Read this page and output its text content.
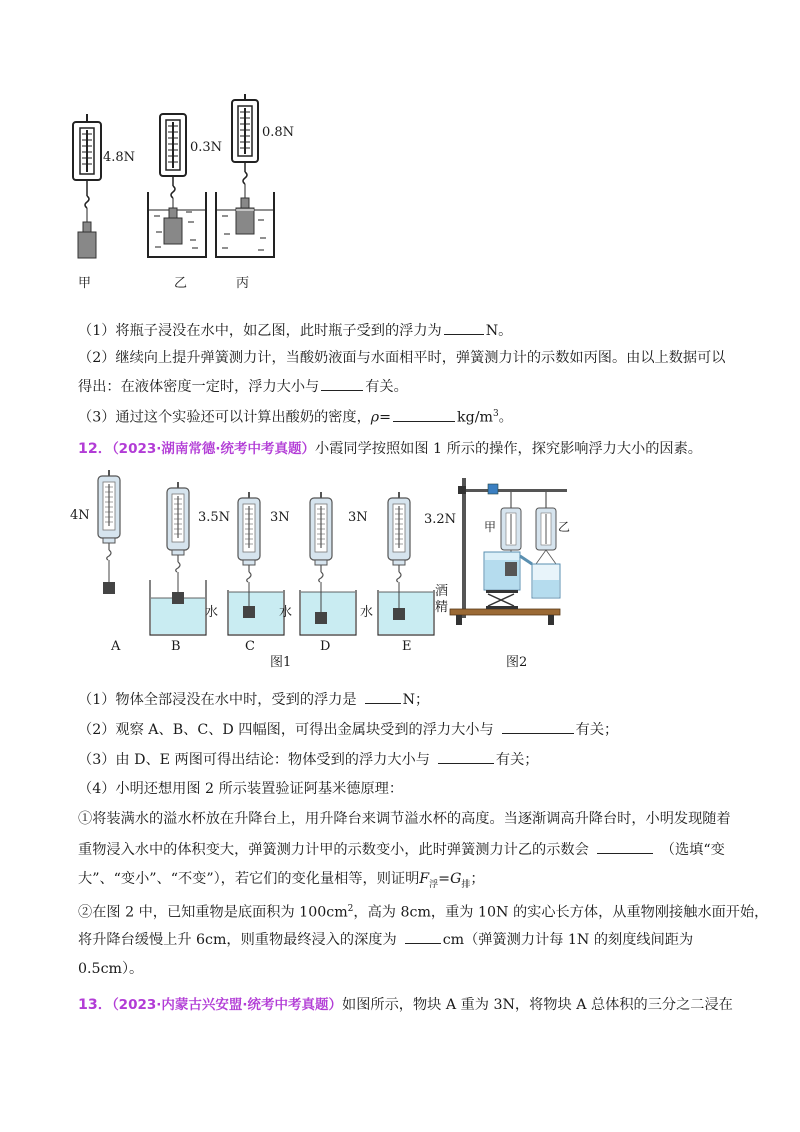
4.8N
0.3N
0.8N
甲	乙	丙
（1）将瓶子浸没在水中，如乙图，此时瓶子受到的浮力为	N。
（2）继续向上提升弹簧测力计，当酸奶液面与水面相平时，弹簧测力计的示数如丙图。由以上数据可以
得出：在液体密度一定时，浮力大小与	有关。
（3）通过这个实验还可以计算出酸奶的密度，ρ=	$kg/m^3$。
12．（2023·湖南常德·统考中考真题）小霞同学按照如图 1 所示的操作，探究影响浮力大小的因素。
4N	3.5N	3N	3N	3.2N
水	水	水
酒
精
A	B	C	D	E
图1
甲	乙
图2
（1）物体全部浸没在水中时，受到的浮力是	N；
（2）观察 A、B、C、D 四幅图，可得出金属块受到的浮力大小与	有关；
（3）由 D、E 两图可得出结论：物体受到的浮力大小与	有关；
（4）小明还想用图 2 所示装置验证阿基米德原理：
①将装满水的溢水杯放在升降台上，用升降台来调节溢水杯的高度。当逐渐调高升降台时，小明发现随着
重物浸入水中的体积变大，弹簧测力计甲的示数变小，此时弹簧测力计乙的示数会	（选填“变
大”、“变小”、“不变”），若它们的变化量相等，则证明$F_浮=G_排$；
②在图 2 中，已知重物是底面积为 $100cm^2$，高为 8cm，重为 10N 的实心长方体，从重物刚接触水面开始，
将升降台缓慢上升 6cm，则重物最终浸入的深度为	cm（弹簧测力计每 1N 的刻度线间距为
0.5cm）。
13．（2023·内蒙古兴安盟·统考中考真题）如图所示，物块 A 重为 3N，将物块 A 总体积的三分之二浸在
